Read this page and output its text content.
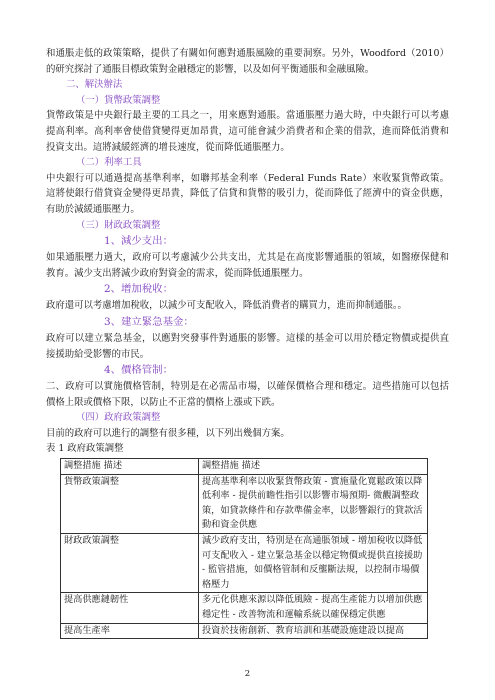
和通脹走低的政策策略，提供了有關如何應對通脹風險的重要洞察。另外，Woodford（2010）的研究探討了通脹目標政策對金融穩定的影響，以及如何平衡通脹和金融風險。

二、解決辦法
（一）貨幣政策調整

貨幣政策是中央銀行最主要的工具之一，用來應對通脹。當通脹壓力過大時，中央銀行可以考慮提高利率。高利率會使借貸變得更加昂貴，這可能會減少消費者和企業的借款，進而降低消費和投資支出。這將減緩經濟的增長速度，從而降低通脹壓力。

（二）利率工具

中央銀行可以通過提高基準利率，如聯邦基金利率（Federal Funds Rate）來收緊貨幣政策。這將使銀行借貸資金變得更昂貴，降低了信貸和貨幣的吸引力，從而降低了經濟中的資金供應，有助於減緩通脹壓力。

（三）財政政策調整
1、減少支出：

如果通脹壓力過大，政府可以考慮減少公共支出，尤其是在高度影響通脹的領域，如醫療保健和教育。減少支出將減少政府對資金的需求，從而降低通脹壓力。

2、增加稅收：

政府還可以考慮增加稅收，以減少可支配收入，降低消費者的購買力，進而抑制通脹。。

3、建立緊急基金：

政府可以建立緊急基金，以應對突發事件對通脹的影響。這樣的基金可以用於穩定物價或提供直接援助給受影響的市民。

4、價格管制：

二、政府可以實施價格管制，特別是在必需品市場，以確保價格合理和穩定。這些措施可以包括價格上限或價格下限，以防止不正當的價格上漲或下跌。

（四）政府政策調整

目前的政府可以進行的調整有很多種，以下列出幾個方案。

表 1 政府政策調整
調整措施 描述	調整措施 描述
貨幣政策調整	提高基準利率以收緊貨幣政策 - 實施量化寬鬆政策以降低利率 - 提供前瞻性指引以影響市場預期- 微觀調整政策，如貸款條件和存款準備金率，以影響銀行的貸款活動和資金供應
財政政策調整	減少政府支出，特別是在高通脹領域 - 增加稅收以降低可支配收入 - 建立緊急基金以穩定物價或提供直接援助 - 監管措施，如價格管制和反壟斷法規，以控制市場價格壓力
提高供應鏈韌性	多元化供應來源以降低風險 - 提高生產能力以增加供應穩定性 - 改善物流和運輸系統以確保穩定供應
提高生產率	投資於技術創新、教育培訓和基礎設施建設以提高
2
